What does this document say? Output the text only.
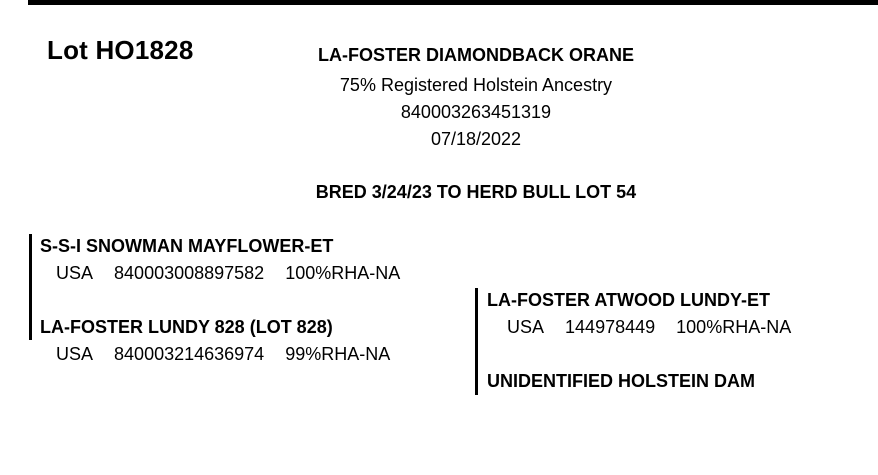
Lot HO1828	LA-FOSTER DIAMONDBACK ORANE
75% Registered Holstein Ancestry
840003263451319
07/18/2022
BRED 3/24/23 TO HERD BULL LOT 54
S-S-I SNOWMAN MAYFLOWER-ET
USA 840003008897582 100%RHA-NA
LA-FOSTER LUNDY 828 (LOT 828)
USA 840003214636974 99%RHA-NA
LA-FOSTER ATWOOD LUNDY-ET
USA 144978449 100%RHA-NA
UNIDENTIFIED HOLSTEIN DAM
